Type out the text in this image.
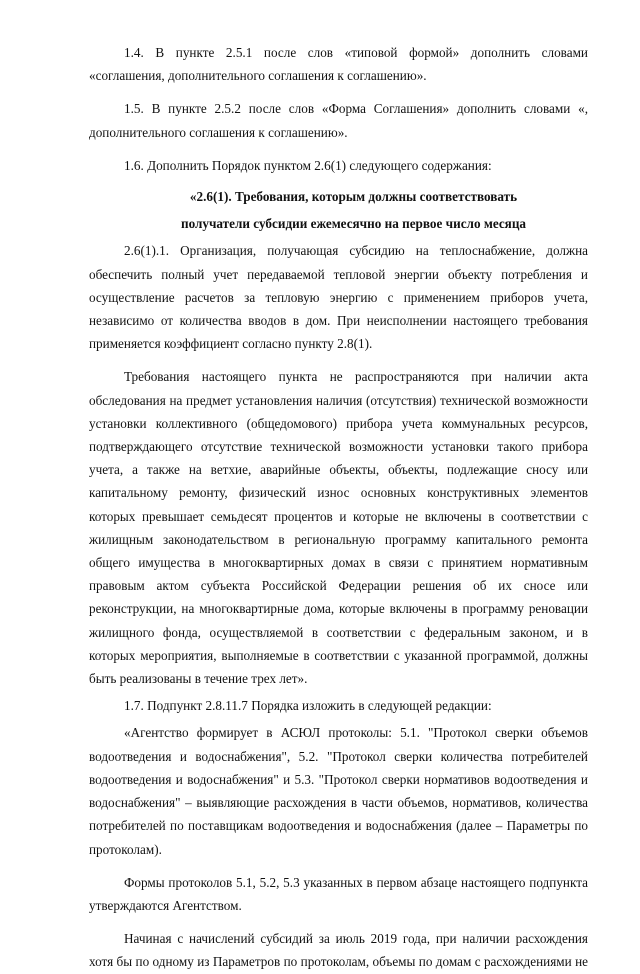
1.4. В пункте 2.5.1 после слов «типовой формой» дополнить словами «соглашения, дополнительного соглашения к соглашению».

1.5. В пункте 2.5.2 после слов «Форма Соглашения» дополнить словами «, дополнительного соглашения к соглашению».

1.6. Дополнить Порядок пунктом 2.6(1) следующего содержания:

«2.6(1). Требования, которым должны соответствовать
получатели субсидии ежемесячно на первое число месяца

2.6(1).1. Организация, получающая субсидию на теплоснабжение, должна обеспечить полный учет передаваемой тепловой энергии объекту потребления и осуществление расчетов за тепловую энергию с применением приборов учета, независимо от количества вводов в дом. При неисполнении настоящего требования применяется коэффициент согласно пункту 2.8(1).

Требования настоящего пункта не распространяются при наличии акта обследования на предмет установления наличия (отсутствия) технической возможности установки коллективного (общедомового) прибора учета коммунальных ресурсов, подтверждающего отсутствие технической возможности установки такого прибора учета, а также на ветхие, аварийные объекты, объекты, подлежащие сносу или капитальному ремонту, физический износ основных конструктивных элементов которых превышает семьдесят процентов и которые не включены в соответствии с жилищным законодательством в региональную программу капитального ремонта общего имущества в многоквартирных домах в связи с принятием нормативным правовым актом субъекта Российской Федерации решения об их сносе или реконструкции, на многоквартирные дома, которые включены в программу реновации жилищного фонда, осуществляемой в соответствии с федеральным законом, и в которых мероприятия, выполняемые в соответствии с указанной программой, должны быть реализованы в течение трех лет».

1.7. Подпункт 2.8.11.7 Порядка изложить в следующей редакции:

«Агентство формирует в АСЮЛ протоколы: 5.1. "Протокол сверки объемов водоотведения и водоснабжения", 5.2. "Протокол сверки количества потребителей водоотведения и водоснабжения" и 5.3. "Протокол сверки нормативов водоотведения и водоснабжения" – выявляющие расхождения в части объемов, нормативов, количества потребителей по поставщикам водоотведения и водоснабжения (далее – Параметры по протоколам).

Формы протоколов 5.1, 5.2, 5.3 указанных в первом абзаце настоящего подпункта утверждаются Агентством.

Начиная с начислений субсидий за июль 2019 года, при наличии расхождения хотя бы по одному из Параметров по протоколам, объемы по домам с расхождениями не
